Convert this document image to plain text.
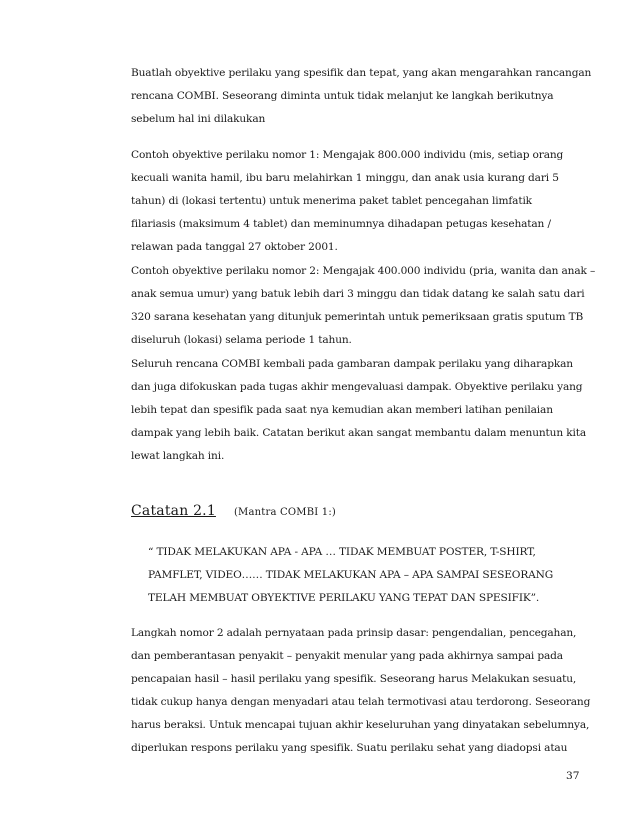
Buatlah obyektive perilaku yang spesifik dan tepat, yang akan mengarahkan rancangan
rencana COMBI. Seseorang diminta untuk tidak melanjut ke langkah berikutnya
sebelum hal ini dilakukan
Contoh obyektive perilaku nomor 1: Mengajak 800.000 individu (mis, setiap orang
kecuali wanita hamil, ibu baru melahirkan 1 minggu, dan anak usia kurang dari 5
tahun) di (lokasi tertentu) untuk menerima paket tablet pencegahan limfatik
filariasis (maksimum 4 tablet) dan meminumnya dihadapan petugas kesehatan /
relawan pada tanggal 27 oktober 2001.
Contoh obyektive perilaku nomor 2: Mengajak 400.000 individu (pria, wanita dan anak –
anak semua umur) yang batuk lebih dari 3 minggu dan tidak datang ke salah satu dari
320 sarana kesehatan yang ditunjuk pemerintah untuk pemeriksaan gratis sputum TB
diseluruh (lokasi) selama periode 1 tahun.
Seluruh rencana COMBI kembali pada gambaran dampak perilaku yang diharapkan
dan juga difokuskan pada tugas akhir mengevaluasi dampak. Obyektive perilaku yang
lebih tepat dan spesifik pada saat nya kemudian akan memberi latihan penilaian
dampak yang lebih baik. Catatan berikut akan sangat membantu dalam menuntun kita
lewat langkah ini.
Catatan 2.1 (Mantra COMBI 1:)
“ TIDAK MELAKUKAN APA - APA … TIDAK MEMBUAT POSTER, T-SHIRT,
PAMFLET, VIDEO…… TIDAK MELAKUKAN APA – APA SAMPAI SESEORANG
TELAH MEMBUAT OBYEKTIVE PERILAKU YANG TEPAT DAN SPESIFIK”.
Langkah nomor 2 adalah pernyataan pada prinsip dasar: pengendalian, pencegahan,
dan pemberantasan penyakit – penyakit menular yang pada akhirnya sampai pada
pencapaian hasil – hasil perilaku yang spesifik. Seseorang harus Melakukan sesuatu,
tidak cukup hanya dengan menyadari atau telah termotivasi atau terdorong. Seseorang
harus beraksi. Untuk mencapai tujuan akhir keseluruhan yang dinyatakan sebelumnya,
diperlukan respons perilaku yang spesifik. Suatu perilaku sehat yang diadopsi atau
37
